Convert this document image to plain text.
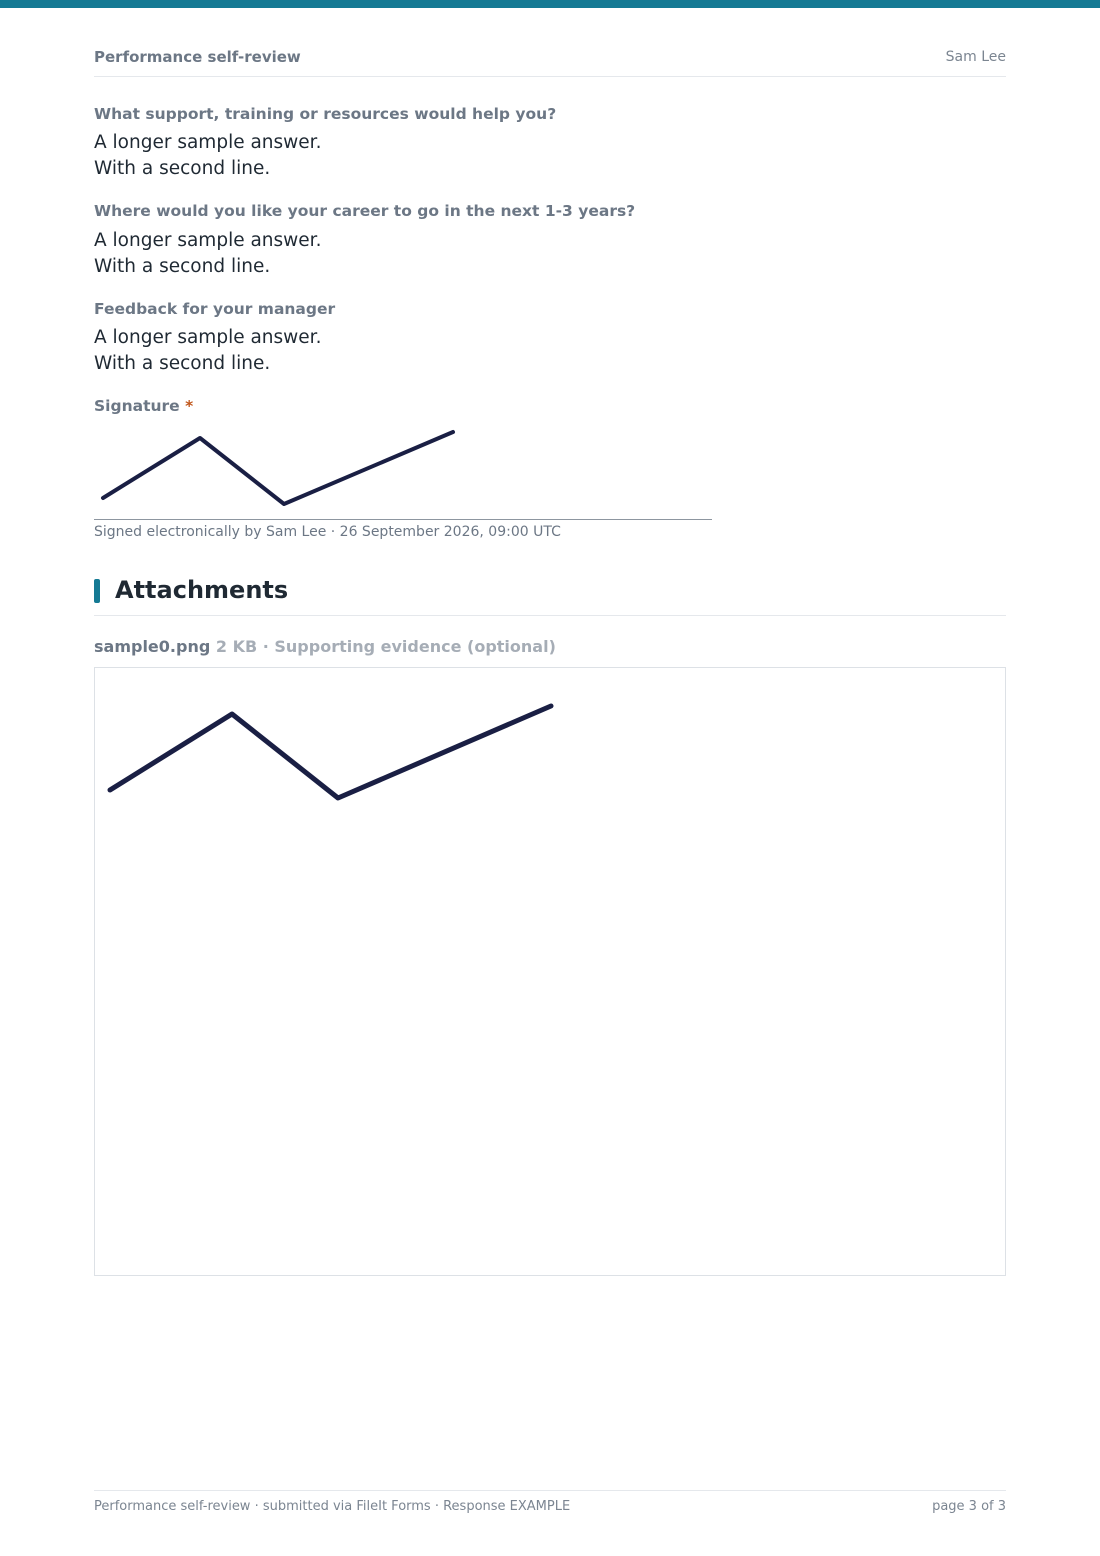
Performance self-review	Sam Lee
What support, training or resources would help you?
A longer sample answer.
With a second line.
Where would you like your career to go in the next 1-3 years?
A longer sample answer.
With a second line.
Feedback for your manager
A longer sample answer.
With a second line.
Signature *
Signed electronically by Sam Lee · 26 September 2026, 09:00 UTC
Attachments
sample0.png 2 KB · Supporting evidence (optional)
Performance self-review · submitted via FileIt Forms · Response EXAMPLE	page 3 of 3
